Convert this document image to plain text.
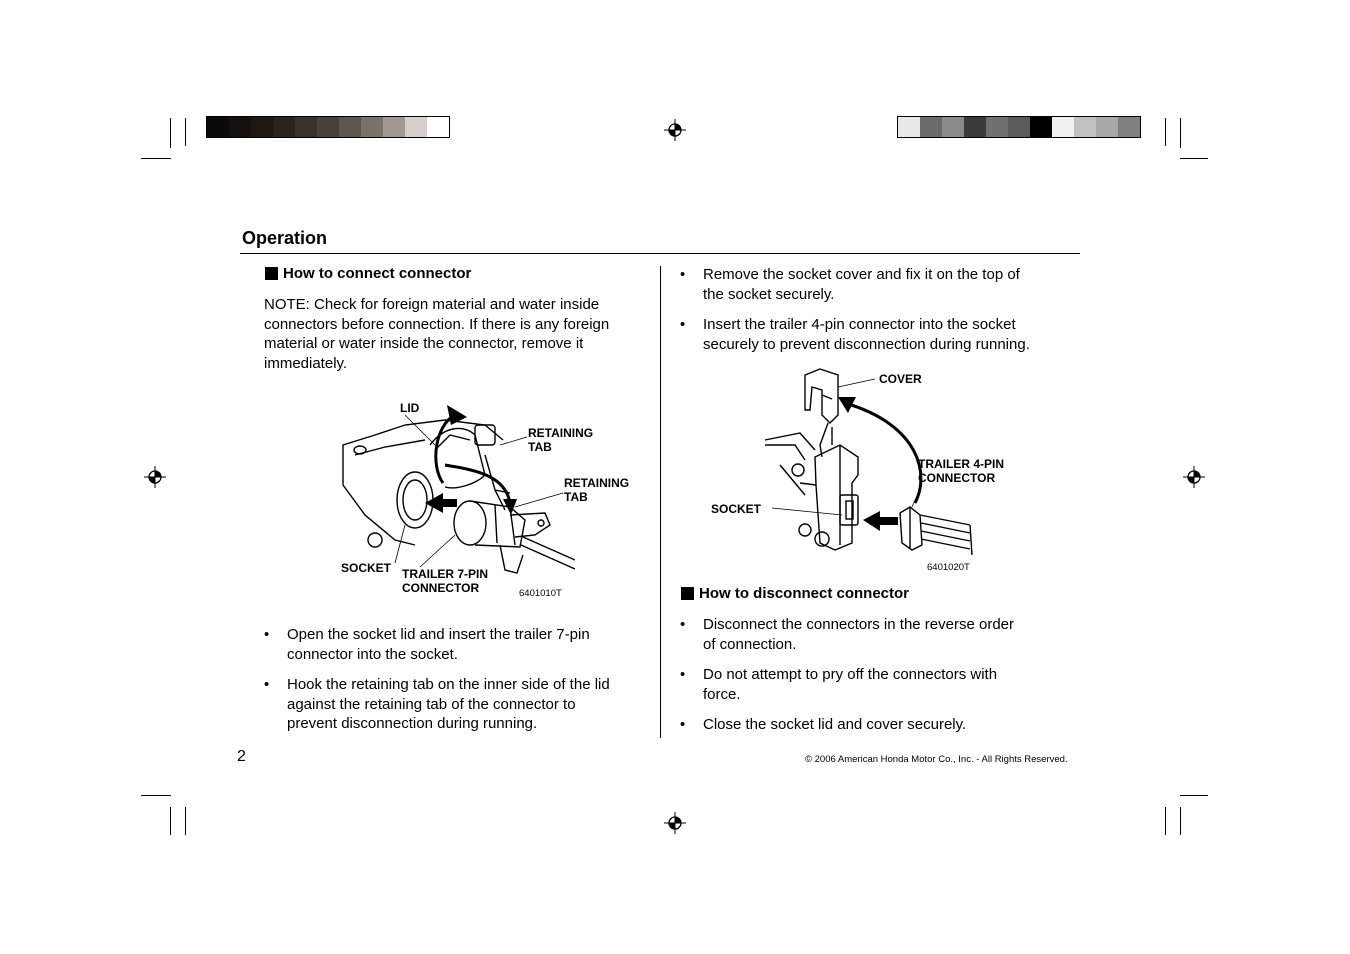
Operation
How to connect connector
NOTE: Check for foreign material and water inside
connectors before connection. If there is any foreign
material or water inside the connector, remove it
immediately.
LID
RETAINING
TAB
RETAINING
TAB
SOCKET TRAILER 7-PIN
CONNECTOR	6401010T
• Open the socket lid and insert the trailer 7-pin
connector into the socket.
• Hook the retaining tab on the inner side of the lid
against the retaining tab of the connector to
prevent disconnection during running.
• Remove the socket cover and fix it on the top of
the socket securely.
• Insert the trailer 4-pin connector into the socket
securely to prevent disconnection during running.
COVER
TRAILER 4-PIN
CONNECTOR
SOCKET
6401020T
How to disconnect connector
• Disconnect the connectors in the reverse order
of connection.
• Do not attempt to pry off the connectors with
force.
• Close the socket lid and cover securely.
2	© 2006 American Honda Motor Co., Inc. - All Rights Reserved.
